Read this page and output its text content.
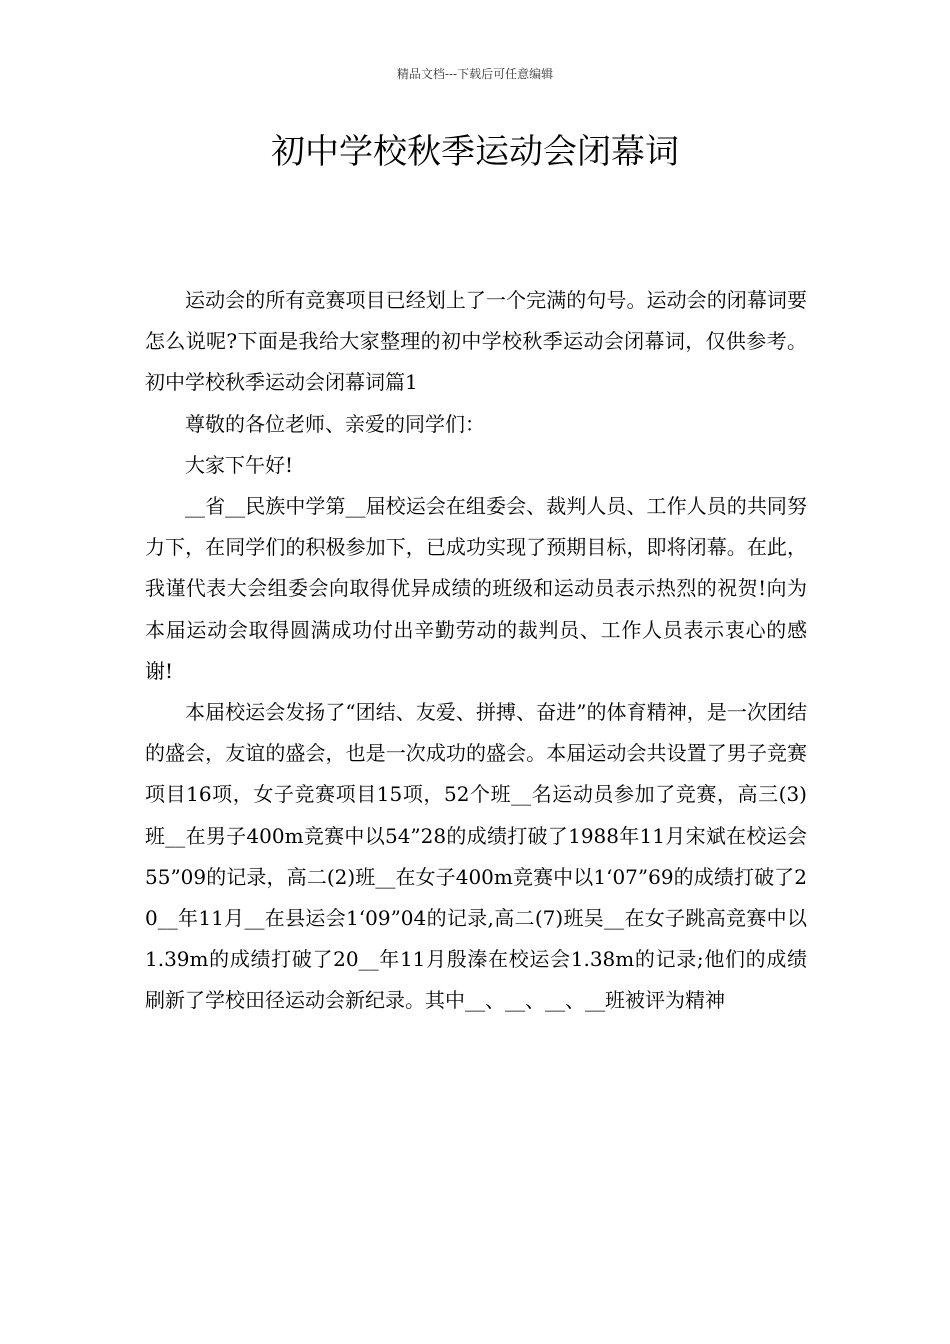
精品文档---下载后可任意编辑
初中学校秋季运动会闭幕词

运动会的所有竞赛项目已经划上了一个完满的句号。运动会的闭幕词要怎么说呢?下面是我给大家整理的初中学校秋季运动会闭幕词，仅供参考。初中学校秋季运动会闭幕词篇1

尊敬的各位老师、亲爱的同学们：

大家下午好!

__省__民族中学第__届校运会在组委会、裁判人员、工作人员的共同努力下，在同学们的积极参加下，已成功实现了预期目标，即将闭幕。在此，我谨代表大会组委会向取得优异成绩的班级和运动员表示热烈的祝贺!向为本届运动会取得圆满成功付出辛勤劳动的裁判员、工作人员表示衷心的感谢!

本届校运会发扬了“团结、友爱、拼搏、奋进”的体育精神，是一次团结的盛会，友谊的盛会，也是一次成功的盛会。本届运动会共设置了男子竞赛项目16项，女子竞赛项目15项，52个班__名运动员参加了竞赛，高三(3)班__在男子400m竞赛中以54”28的成绩打破了1988年11月宋斌在校运会55”09的记录，高二(2)班__在女子400m竞赛中以1‘07”69的成绩打破了20__年11月__在县运会1‘09”04的记录,高二(7)班吴__在女子跳高竞赛中以1.39m的成绩打破了20__年11月殷溱在校运会1.38m的记录;他们的成绩刷新了学校田径运动会新纪录。其中__、__、__、__班被评为精神
